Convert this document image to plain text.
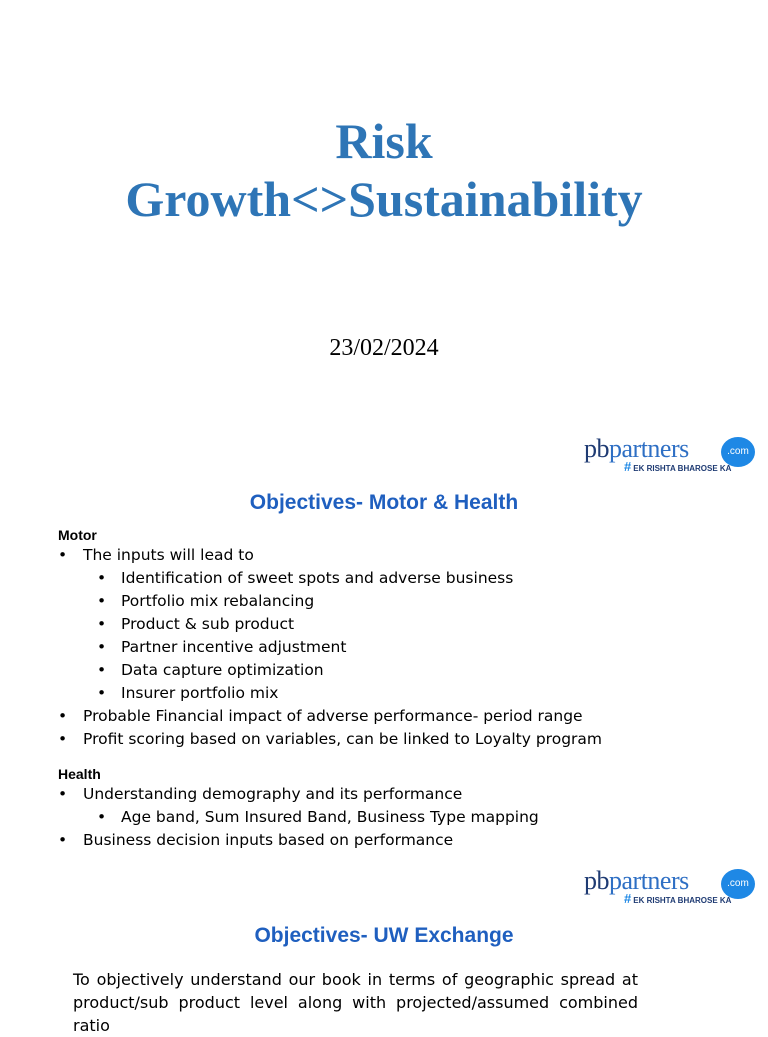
Risk
Growth<>Sustainability
23/02/2024
pbpartners	.com
# EK RISHTA BHAROSE KA
Objectives- Motor & Health

Motor

• The inputs will lead to
• Identification of sweet spots and adverse business
• Portfolio mix rebalancing
• Product & sub product
• Partner incentive adjustment
• Data capture optimization
• Insurer portfolio mix
• Probable Financial impact of adverse performance- period range
• Profit scoring based on variables, can be linked to Loyalty program

Health

• Understanding demography and its performance
• Age band, Sum Insured Band, Business Type mapping
• Business decision inputs based on performance
pbpartners	.com
# EK RISHTA BHAROSE KA
Objectives- UW Exchange
To objectively understand our book in terms of geographic spread at product/sub product level along with projected/assumed combined ratio
